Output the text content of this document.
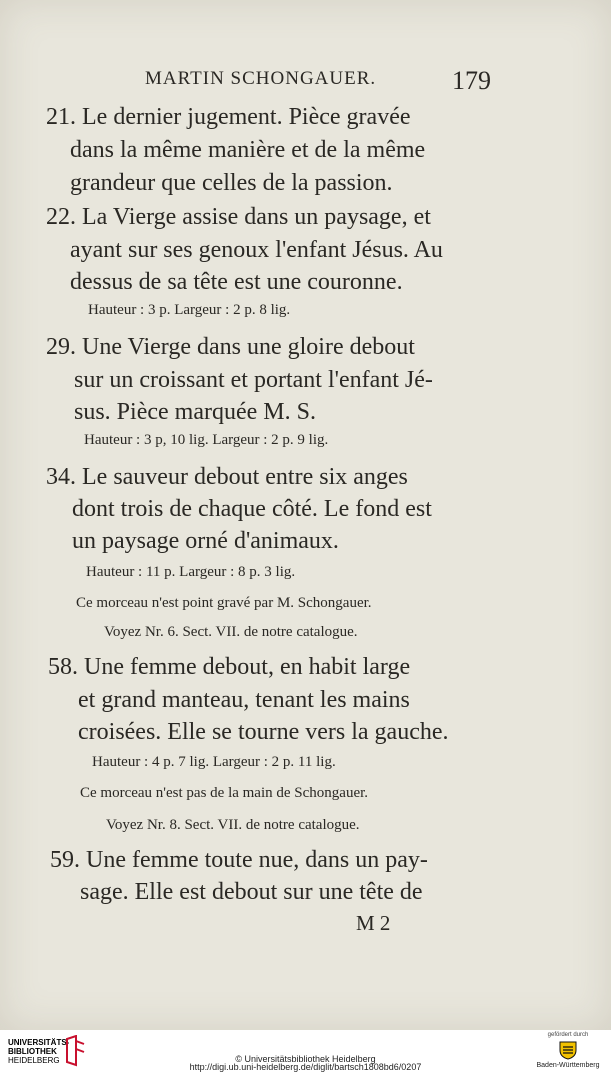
MARTIN SCHONGAUER.	179
21. Le dernier jugement. Pièce gravée
dans la même manière et de la même
grandeur que celles de la passion.
22. La Vierge assise dans un paysage, et
ayant sur ses genoux l'enfant Jésus. Au
dessus de sa tête est une couronne.
Hauteur : 3 p. Largeur : 2 p. 8 lig.
29. Une Vierge dans une gloire debout
sur un croissant et portant l'enfant Jé-
sus. Pièce marquée M. S.
Hauteur : 3 p, 10 lig. Largeur : 2 p. 9 lig.
34. Le sauveur debout entre six anges
dont trois de chaque côté. Le fond est
un paysage orné d'animaux.
Hauteur : 11 p. Largeur : 8 p. 3 lig.
Ce morceau n'est point gravé par M. Schongauer.
Voyez Nr. 6. Sect. VII. de notre catalogue.
58. Une femme debout, en habit large
et grand manteau, tenant les mains
croisées. Elle se tourne vers la gauche.
Hauteur : 4 p. 7 lig. Largeur : 2 p. 11 lig.
Ce morceau n'est pas de la main de Schongauer.
Voyez Nr. 8. Sect. VII. de notre catalogue.
59. Une femme toute nue, dans un pay-
sage. Elle est debout sur une tête de
M 2
UNIVERSITÄTS-
BIBLIOTHEK
HEIDELBERG	© Universitätsbibliothek Heidelberg
http://digi.ub.uni-heidelberg.de/diglit/bartsch1808bd6/0207
gefördert durch
Baden-Württemberg
